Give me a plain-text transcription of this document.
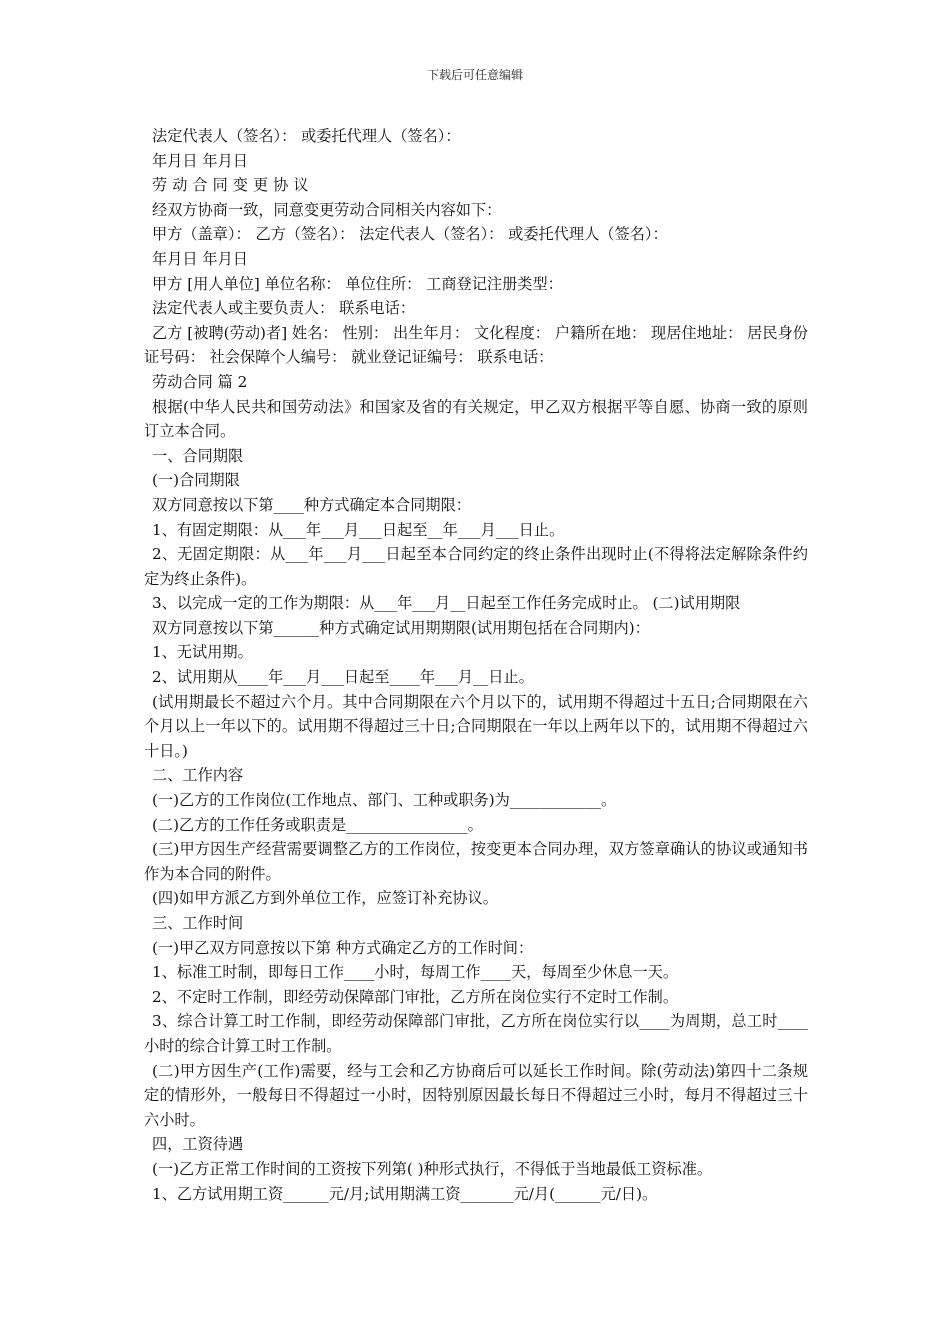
下载后可任意编辑
法定代表人（签名）： 或委托代理人（签名）：
年月日 年月日
劳动合同变更协议
经双方协商一致，同意变更劳动合同相关内容如下：
甲方（盖章）： 乙方（签名）： 法定代表人（签名）： 或委托代理人（签名）：
年月日 年月日
甲方 [用人单位] 单位名称： 单位住所： 工商登记注册类型：
法定代表人或主要负责人： 联系电话：
乙方 [被聘(劳动)者] 姓名： 性别： 出生年月： 文化程度： 户籍所在地： 现居住地址： 居民身份证号码： 社会保障个人编号： 就业登记证编号： 联系电话：
劳动合同 篇 2
根据(中华人民共和国劳动法》和国家及省的有关规定，甲乙双方根据平等自愿、协商一致的原则订立本合同。
一、合同期限
(一)合同期限
双方同意按以下第____种方式确定本合同期限：
1、有固定期限：从___年___月___日起至__年___月___日止。
2、无固定期限：从___年___月___日起至本合同约定的终止条件出现时止(不得将法定解除条件约定为终止条件)。
3、以完成一定的工作为期限：从___年___月__日起至工作任务完成时止。 (二)试用期限
双方同意按以下第______种方式确定试用期期限(试用期包括在合同期内)：
1、无试用期。
2、试用期从____年___月___日起至____年___月__日止。
(试用期最长不超过六个月。其中合同期限在六个月以下的，试用期不得超过十五日;合同期限在六个月以上一年以下的。试用期不得超过三十日;合同期限在一年以上两年以下的，试用期不得超过六十日。)
二、工作内容
(一)乙方的工作岗位(工作地点、部门、工种或职务)为____________。
(二)乙方的工作任务或职责是________________。
(三)甲方因生产经营需要调整乙方的工作岗位，按变更本合同办理，双方签章确认的协议或通知书作为本合同的附件。
(四)如甲方派乙方到外单位工作，应签订补充协议。
三、工作时间
(一)甲乙双方同意按以下第 种方式确定乙方的工作时间：
1、标准工时制，即每日工作____小时，每周工作____天，每周至少休息一天。
2、不定时工作制，即经劳动保障部门审批，乙方所在岗位实行不定时工作制。
3、综合计算工时工作制，即经劳动保障部门审批，乙方所在岗位实行以____为周期，总工时____小时的综合计算工时工作制。
(二)甲方因生产(工作)需要，经与工会和乙方协商后可以延长工作时间。除(劳动法)第四十二条规定的情形外，一般每日不得超过一小时，因特别原因最长每日不得超过三小时，每月不得超过三十六小时。
四，工资待遇
(一)乙方正常工作时间的工资按下列第( )种形式执行，不得低于当地最低工资标准。
1、乙方试用期工资______元/月;试用期满工资_______元/月(______元/日)。
